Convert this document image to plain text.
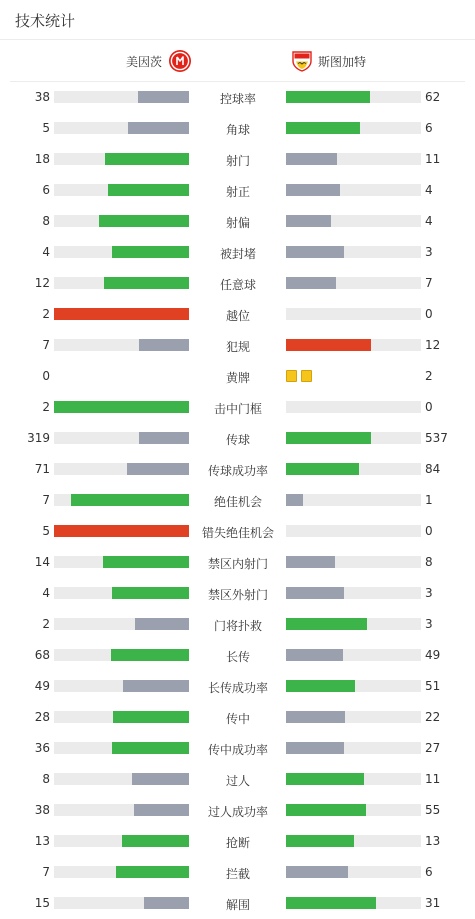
技术统计
美因茨	斯图加特
38	控球率	62
5	角球	6
18	射门	11
6	射正	4
8	射偏	4
4	被封堵	3
12	任意球	7
2	越位	0
7	犯规	12
0	黄牌	2
2	击中门框	0
319	传球	537
71	传球成功率	84
7	绝佳机会	1
5	错失绝佳机会	0
14	禁区内射门	8
4	禁区外射门	3
2	门将扑救	3
68	长传	49
49	长传成功率	51
28	传中	22
36	传中成功率	27
8	过人	11
38	过人成功率	55
13	抢断	13
7	拦截	6
15	解围	31
